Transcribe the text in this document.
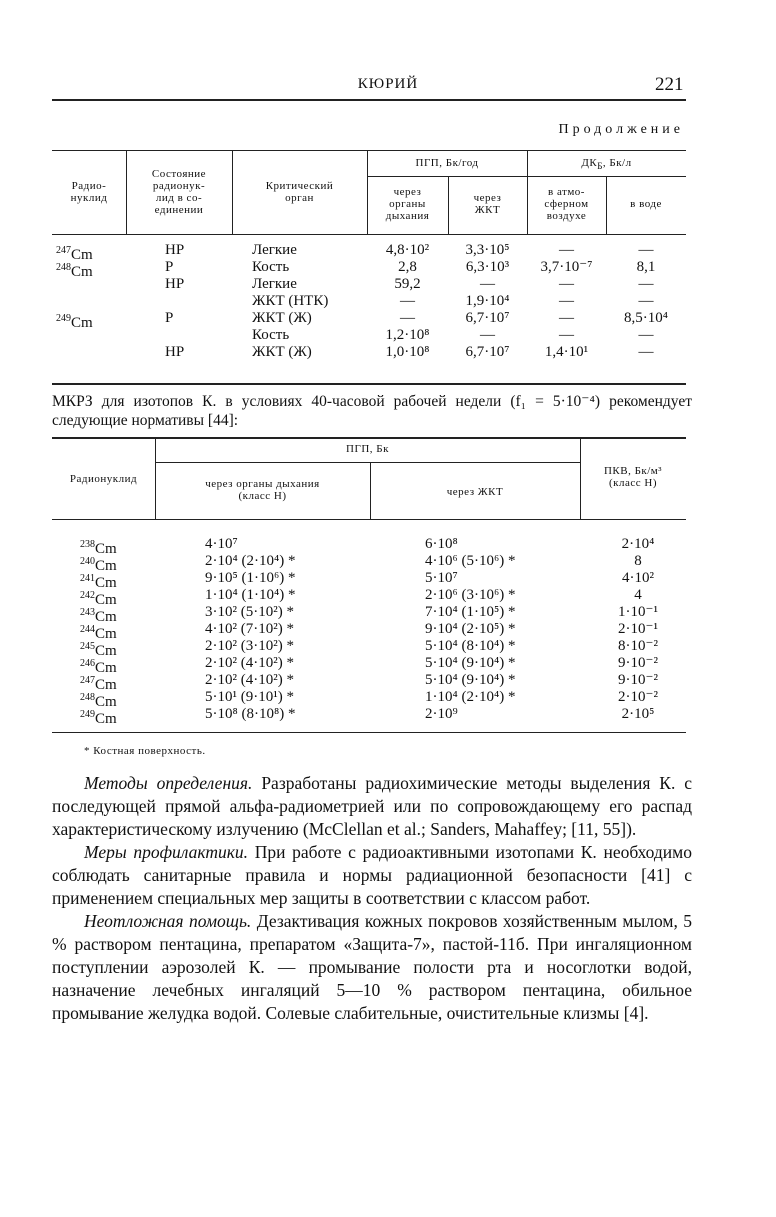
КЮРИЙ	221
Продолжение
Радио-
нуклид
Состояние
радионук-
лид в со-
единении
Критический
орган
ПГП, Бк/год
через
органы
дыхания
через
ЖКТ
$ДК_Б$, Бк/л
в атмо-
сферном
воздухе
в воде
$^{247}$Cm
$^{248}$Cm
$^{249}$Cm
НР
Р
НР
Р
НР
Легкие
Кость
Легкие
ЖКТ (НТК)
ЖКТ (Ж)
Кость
ЖКТ (Ж)
4,8·10²
2,8
59,2
—
—
1,2·10⁸
1,0·10⁸
3,3·10⁵
6,3·10³
—
1,9·10⁴
6,7·10⁷
—
6,7·10⁷
—
3,7·10⁻⁷
—
—
—
—
1,4·10¹
—
8,1
—
—
8,5·10⁴
—
—
МКРЗ для изотопов К. в условиях 40-часовой рабочей недели (f₁ = 5·10⁻⁴) рекомендует следующие нормативы [44]:
Радионуклид
ПГП, Бк
через органы дыхания
(класс Н)	через ЖКТ
ПКВ, Бк/м³
(класс Н)
$^{238}$Cm
$^{240}$Cm
$^{241}$Cm
$^{242}$Cm
$^{243}$Cm
$^{244}$Cm
$^{245}$Cm
$^{246}$Cm
$^{247}$Cm
$^{248}$Cm
$^{249}$Cm
4·10⁷
2·10⁴ (2·10⁴) *
9·10⁵ (1·10⁶) *
1·10⁴ (1·10⁴) *
3·10² (5·10²) *
4·10² (7·10²) *
2·10² (3·10²) *
2·10² (4·10²) *
2·10² (4·10²) *
5·10¹ (9·10¹) *
5·10⁸ (8·10⁸) *
6·10⁸
4·10⁶ (5·10⁶) *
5·10⁷
2·10⁶ (3·10⁶) *
7·10⁴ (1·10⁵) *
9·10⁴ (2·10⁵) *
5·10⁴ (8·10⁴) *
5·10⁴ (9·10⁴) *
5·10⁴ (9·10⁴) *
1·10⁴ (2·10⁴) *
2·10⁹
2·10⁴
8
4·10²
4
1·10⁻¹
2·10⁻¹
8·10⁻²
9·10⁻²
9·10⁻²
2·10⁻²
2·10⁵
* Костная поверхность.

Методы определения. Разработаны радиохимические методы выделения К. с последующей прямой альфа-радиометрией или по сопровождающему его распад характеристическому излучению (McClellan et al.; Sanders, Mahaffey; [11, 55]).

Меры профилактики. При работе с радиоактивными изотопами К. необходимо соблюдать санитарные правила и нормы радиационной безопасности [41] с применением специальных мер защиты в соответствии с классом работ.

Неотложная помощь. Дезактивация кожных покровов хозяйственным мылом, 5 % раствором пентацина, препаратом «Защита-7», пастой-11б. При ингаляционном поступлении аэрозолей К. — промывание полости рта и носоглотки водой, назначение лечебных ингаляций 5—10 % раствором пентацина, обильное промывание желудка водой. Солевые слабительные, очистительные клизмы [4].
